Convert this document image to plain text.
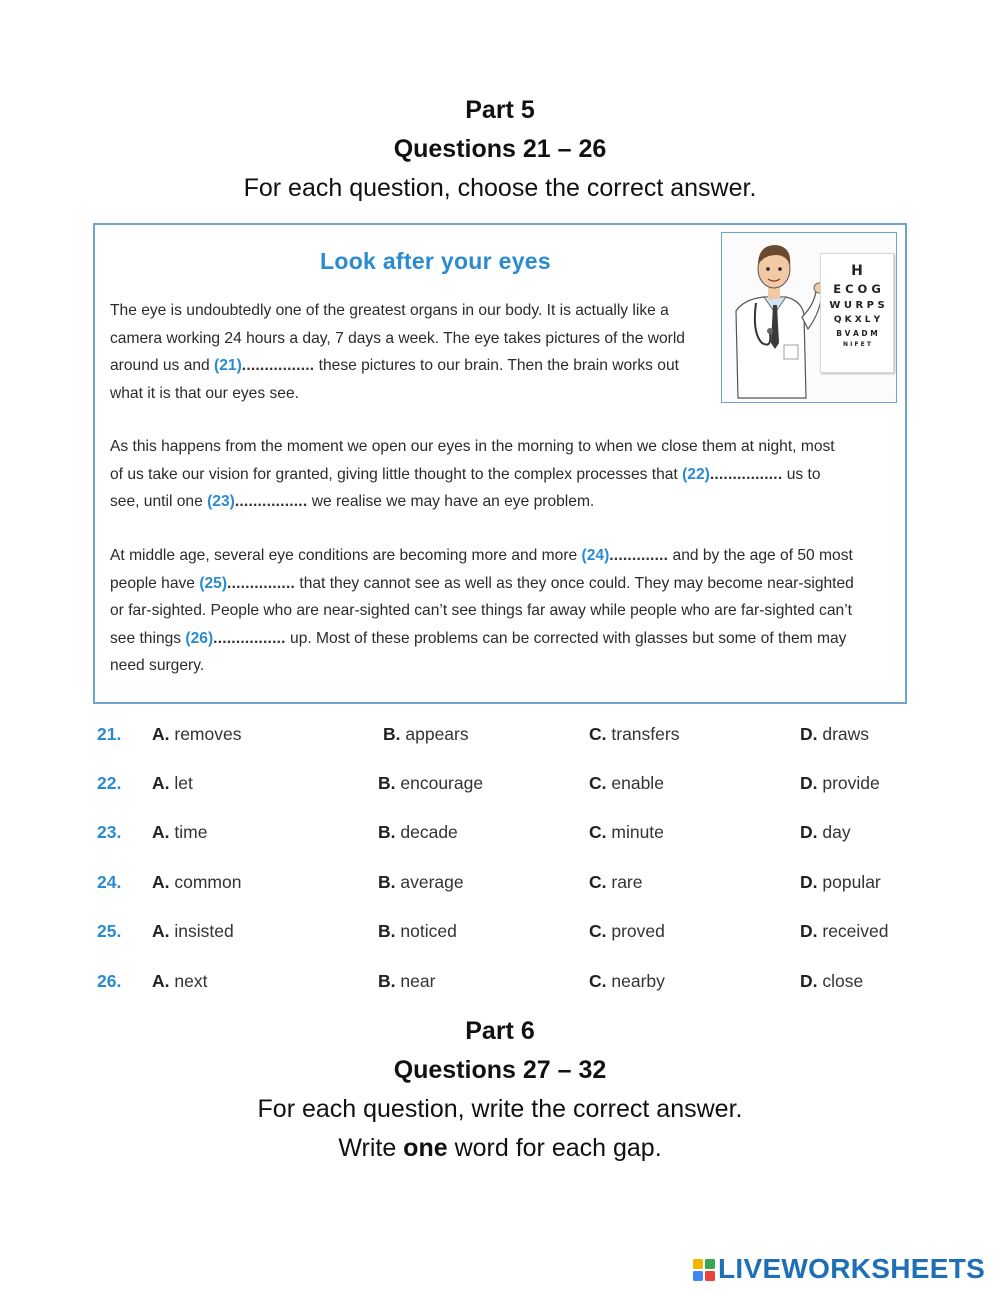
Part 5
Questions 21 – 26
For each question, choose the correct answer.
Look after your eyes	H
E C O G
W U R P S
Q K X L Y
B V A D M
N I F E T
The eye is undoubtedly one of the greatest organs in our body. It is actually like a
camera working 24 hours a day, 7 days a week. The eye takes pictures of the world
around us and (21)................ these pictures to our brain. Then the brain works out
what it is that our eyes see.
As this happens from the moment we open our eyes in the morning to when we close them at night, most
of us take our vision for granted, giving little thought to the complex processes that (22)................ us to
see, until one (23)................ we realise we may have an eye problem.
At middle age, several eye conditions are becoming more and more (24)............. and by the age of 50 most
people have (25)............... that they cannot see as well as they once could. They may become near-sighted
or far-sighted. People who are near-sighted can’t see things far away while people who are far-sighted can’t
see things (26)................ up. Most of these problems can be corrected with glasses but some of them may
need surgery.
21. A. removes	B. appears	C. transfers	D. draws
22. A. let	B. encourage	C. enable	D. provide
23. A. time	B. decade	C. minute	D. day
24. A. common	B. average	C. rare	D. popular
25. A. insisted	B. noticed	C. proved	D. received
26. A. next	B. near	C. nearby	D. close
Part 6
Questions 27 – 32
For each question, write the correct answer.
Write one word for each gap.
LIVEWORKSHEETS
